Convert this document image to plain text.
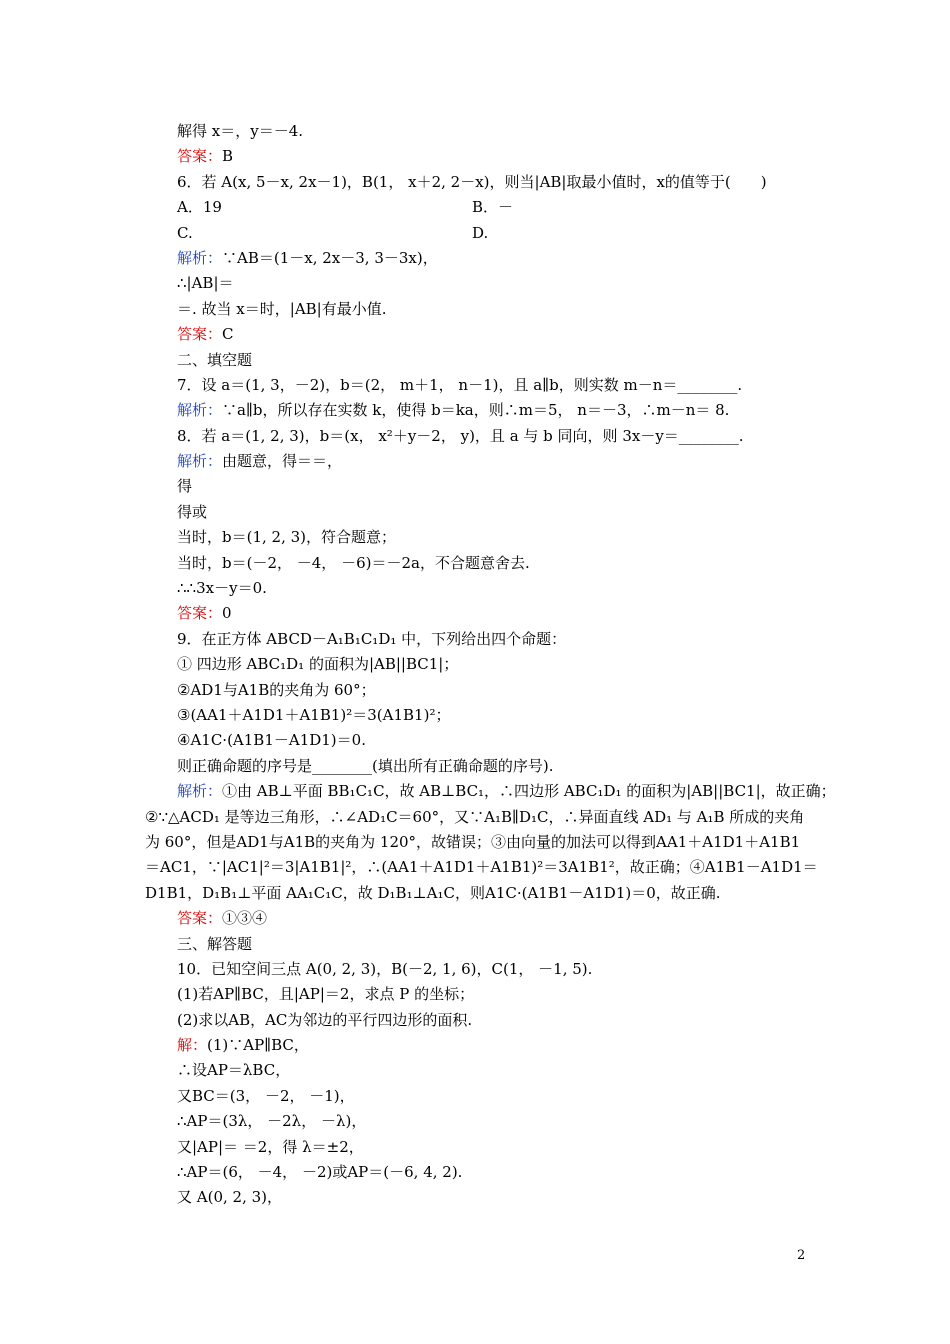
解得 x＝，y＝－4.
答案：B
6．若 A(x, 5－x, 2x－1)，B(1， x＋2, 2－x)，则当|AB|取最小值时，x的值等于(　　)
A．19	B．－
C.	D.
解析：∵AB＝(1－x, 2x－3, 3－3x)，
∴|AB|＝
＝. 故当 x＝时，|AB|有最小值.
答案：C
二、填空题
7．设 a＝(1, 3，－2)，b＝(2， m＋1， n－1)，且 a∥b，则实数 m－n＝________.
解析：∵a∥b，所以存在实数 k，使得 b＝ka，则∴m＝5， n＝－3，∴m－n＝ 8.
8．若 a＝(1, 2, 3)，b＝(x， x²＋y－2， y)，且 a 与 b 同向，则 3x－y＝________.
解析：由题意，得＝＝，
得
得或
当时，b＝(1, 2, 3)，符合题意；
当时，b＝(－2， －4， －6)＝－2a，不合题意舍去.
∴∴3x－y＝0.
答案：0
9．在正方体 ABCD－A₁B₁C₁D₁ 中，下列给出四个命题：
① 四边形 ABC₁D₁ 的面积为|AB||BC1|；
②AD1与A1B的夹角为 60°；
③(AA1＋A1D1＋A1B1)²＝3(A1B1)²；
④A1C·(A1B1－A1D1)＝0.
则正确命题的序号是________(填出所有正确命题的序号).
解析：①由 AB⊥平面 BB₁C₁C，故 AB⊥BC₁，∴四边形 ABC₁D₁ 的面积为|AB||BC1|，故正确；
②∵△ACD₁ 是等边三角形，∴∠AD₁C＝60°，又∵A₁B∥D₁C，∴异面直线 AD₁ 与 A₁B 所成的夹角
为 60°，但是AD1与A1B的夹角为 120°，故错误；③由向量的加法可以得到AA1＋A1D1＋A1B1
＝AC1，∵|AC1|²＝3|A1B1|²，∴(AA1＋A1D1＋A1B1)²＝3A1B1²，故正确；④A1B1－A1D1＝
D1B1，D₁B₁⊥平面 AA₁C₁C，故 D₁B₁⊥A₁C，则A1C·(A1B1－A1D1)＝0，故正确.
答案：①③④
三、解答题
10．已知空间三点 A(0, 2, 3)，B(－2, 1, 6)，C(1， －1, 5).
(1)若AP∥BC，且|AP|＝2，求点 P 的坐标；
(2)求以AB，AC为邻边的平行四边形的面积.
解：(1)∵AP∥BC，
∴设AP＝λBC，
又BC＝(3， －2， －1)，
∴AP＝(3λ， －2λ， －λ)，
又|AP|＝ ＝2，得 λ＝±2，
∴AP＝(6， －4， －2)或AP＝(－6, 4, 2).
又 A(0, 2, 3)，
2
